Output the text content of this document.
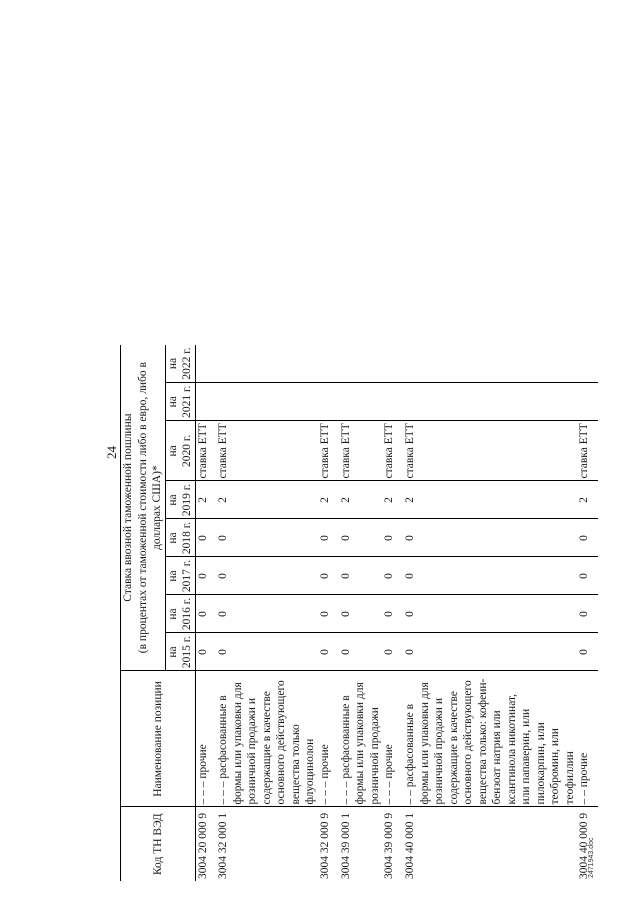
24
Код ТН ВЭД	Наименование позиции	Ставка ввозной таможенной пошлины							
		(в процентах от таможенной стоимости либо в евро, либо в долларах США)*							
		на 2015 г.	на 2016 г.	на 2017 г.	на 2018 г.	на 2019 г.	на 2020 г.	на 2021 г.	на 2022 г.
3004 20 000 9	– – – прочие	0	0	0	0	2	ставка ЕТТ		
3004 32 000 1	– – – расфасованные в формы или упаковки для розничной продажи и содержащие в качестве основного действующего вещества только флуоцинолон	0	0	0	0	2	ставка ЕТТ		
3004 32 000 9	– – – прочие	0	0	0	0	2	ставка ЕТТ		
3004 39 000 1	– – – расфасованные в формы или упаковки для розничной продажи	0	0	0	0	2	ставка ЕТТ		
3004 39 000 9	– – – прочие	0	0	0	0	2	ставка ЕТТ		
3004 40 000 1	– – расфасованные в формы или упаковки для розничной продажи и содержащие в качестве основного действующего вещества только: кофеин-бензоат натрия или ксантинола никотинат, или папаверин, или пилокарпин, или теобромин, или теофиллин	0	0	0	0	2	ставка ЕТТ		
3004 40 000 9	– – прочие	0	0	0	0	2	ставка ЕТТ		
2471943.doc
